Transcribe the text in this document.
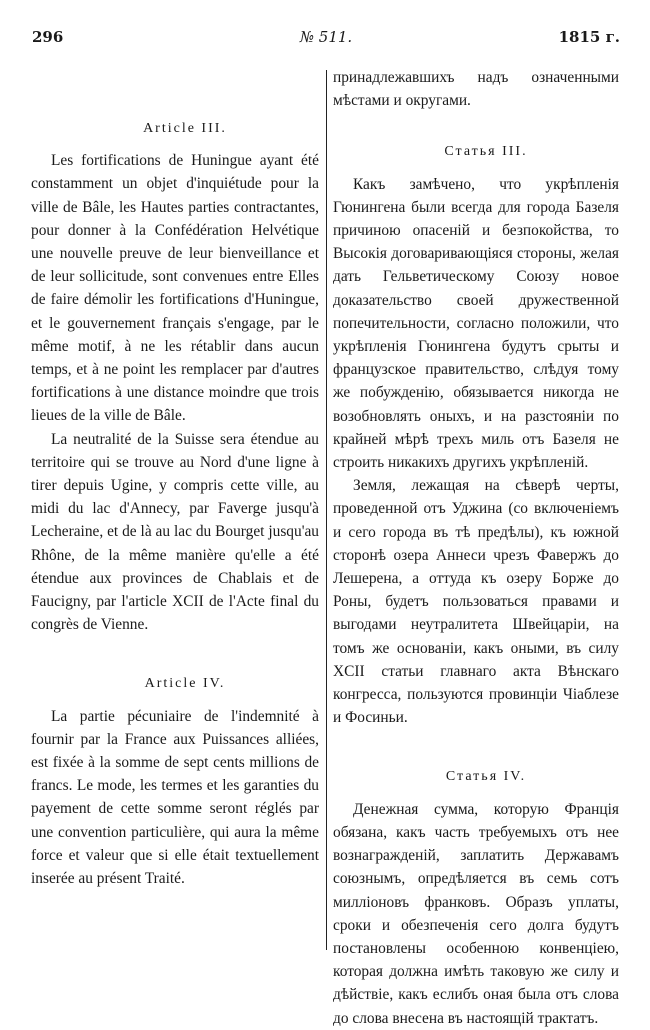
296	№ 511.	1815 г.

Article III.

Les fortifications de Huningue ayant été constamment un objet d'inquiétude pour la ville de Bâle, les Hautes parties contractantes, pour donner à la Confédération Helvétique une nouvelle preuve de leur bienveillance et de leur sollicitude, sont convenues entre Elles de faire démolir les fortifications d'Huningue, et le gouvernement français s'engage, par le même motif, à ne les rétablir dans aucun temps, et à ne point les remplacer par d'autres fortifications à une distance moindre que trois lieues de la ville de Bâle.

La neutralité de la Suisse sera étendue au territoire qui se trouve au Nord d'une ligne à tirer depuis Ugine, y compris cette ville, au midi du lac d'Annecy, par Faverge jusqu'à Lecheraine, et de là au lac du Bourget jusqu'au Rhône, de la même manière qu'elle a été étendue aux provinces de Chablais et de Faucigny, par l'article XCII de l'Acte final du congrès de Vienne.

Article IV.

La partie pécuniaire de l'indemnité à fournir par la France aux Puissances alliées, est fixée à la somme de sept cents millions de francs. Le mode, les termes et les garanties du payement de cette somme seront réglés par une convention particulière, qui aura la même force et valeur que si elle était textuellement inserée au présent Traité.

принадлежавшихъ надъ означенными мѣстами и округами.

Статья III.

Какъ замѣчено, что укрѣпленія Гюнингена были всегда для города Базеля причиною опасеній и безпокойства, то Высокія договаривающіяся стороны, желая дать Гельветическому Союзу новое доказательство своей дружественной попечительности, согласно положили, что укрѣпленія Гюнингена будутъ срыты и французское правительство, слѣдуя тому же побужденію, обязывается никогда не возобновлять оныхъ, и на разстояніи по крайней мѣрѣ трехъ миль отъ Базеля не строить никакихъ другихъ укрѣпленій.

Земля, лежащая на сѣверѣ черты, проведенной отъ Уджина (со включеніемъ и сего города въ тѣ предѣлы), къ южной сторонѣ озера Аннеси чрезъ Фавержъ до Лешерена, а оттуда къ озеру Борже до Роны, будетъ пользоваться правами и выгодами неутралитета Швейцаріи, на томъ же основаніи, какъ оными, въ силу XCII статьи главнаго акта Вѣнскаго конгресса, пользуются провинціи Чіаблезе и Фосиньи.

Статья IV.

Денежная сумма, которую Франція обязана, какъ часть требуемыхъ отъ нее вознагражденій, заплатить Державамъ союзнымъ, опредѣляется въ семь сотъ милліоновъ франковъ. Образъ уплаты, сроки и обезпеченія сего долга будутъ постановлены особенною конвенціею, которая должна имѣть таковую же силу и дѣйствіе, какъ еслибъ оная была отъ слова до слова внесена въ настоящій трактатъ.
